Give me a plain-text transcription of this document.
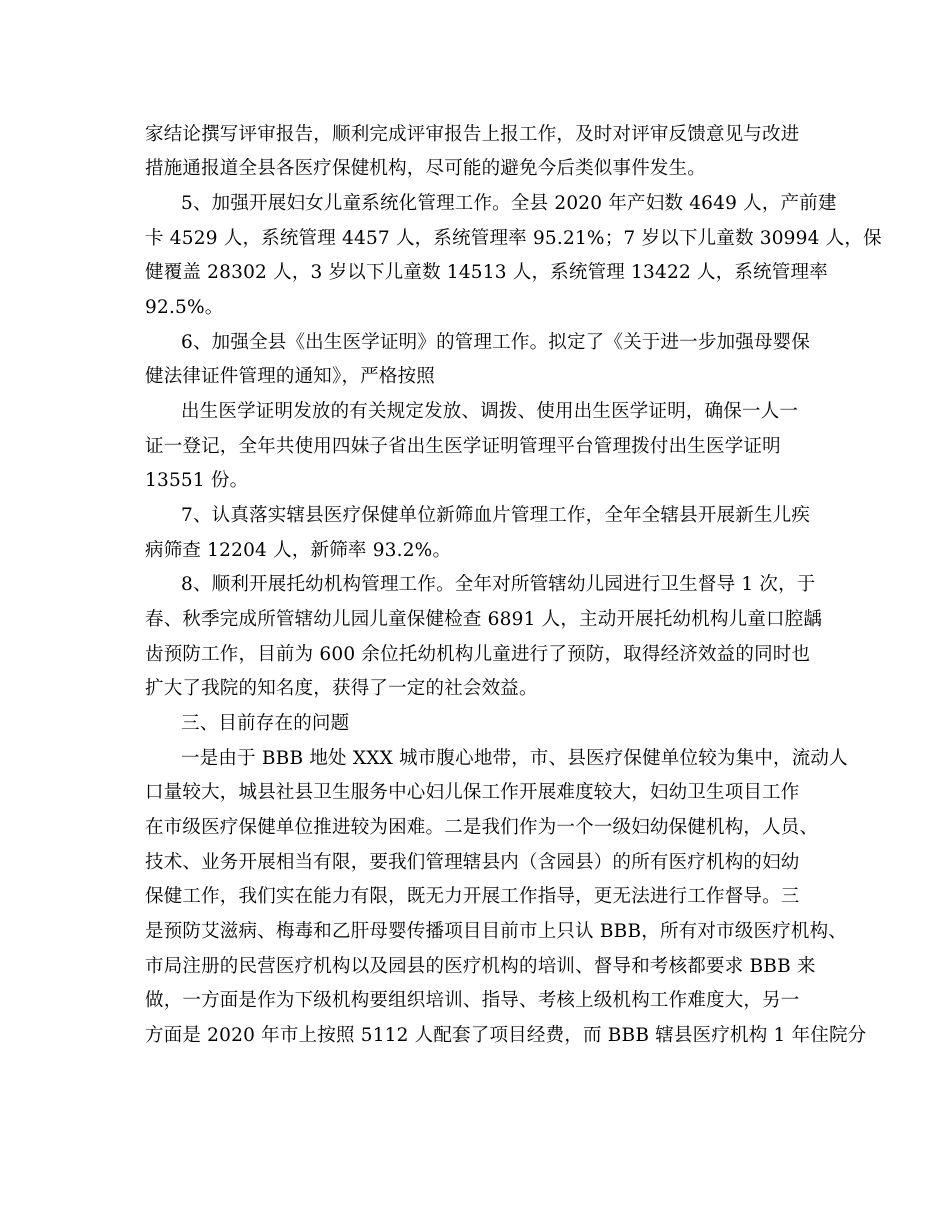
家结论撰写评审报告，顺利完成评审报告上报工作，及时对评审反馈意见与改进
措施通报道全县各医疗保健机构，尽可能的避免今后类似事件发生。
5、加强开展妇女儿童系统化管理工作。全县 2020 年产妇数 4649 人，产前建
卡 4529 人，系统管理 4457 人，系统管理率 95.21%；7 岁以下儿童数 30994 人，保
健覆盖 28302 人，3 岁以下儿童数 14513 人，系统管理 13422 人，系统管理率
92.5%。
6、加强全县《出生医学证明》的管理工作。拟定了《关于进一步加强母婴保
健法律证件管理的通知》，严格按照
出生医学证明发放的有关规定发放、调拨、使用出生医学证明，确保一人一
证一登记，全年共使用四妹子省出生医学证明管理平台管理拨付出生医学证明
13551 份。
7、认真落实辖县医疗保健单位新筛血片管理工作，全年全辖县开展新生儿疾
病筛查 12204 人，新筛率 93.2%。
8、顺利开展托幼机构管理工作。全年对所管辖幼儿园进行卫生督导 1 次，于
春、秋季完成所管辖幼儿园儿童保健检查 6891 人，主动开展托幼机构儿童口腔龋
齿预防工作，目前为 600 余位托幼机构儿童进行了预防，取得经济效益的同时也
扩大了我院的知名度，获得了一定的社会效益。
三、目前存在的问题
一是由于 BBB 地处 XXX 城市腹心地带，市、县医疗保健单位较为集中，流动人
口量较大，城县社县卫生服务中心妇儿保工作开展难度较大，妇幼卫生项目工作
在市级医疗保健单位推进较为困难。二是我们作为一个一级妇幼保健机构，人员、
技术、业务开展相当有限，要我们管理辖县内（含园县）的所有医疗机构的妇幼
保健工作，我们实在能力有限，既无力开展工作指导，更无法进行工作督导。三
是预防艾滋病、梅毒和乙肝母婴传播项目目前市上只认 BBB，所有对市级医疗机构、
市局注册的民营医疗机构以及园县的医疗机构的培训、督导和考核都要求 BBB 来
做，一方面是作为下级机构要组织培训、指导、考核上级机构工作难度大，另一
方面是 2020 年市上按照 5112 人配套了项目经费，而 BBB 辖县医疗机构 1 年住院分
